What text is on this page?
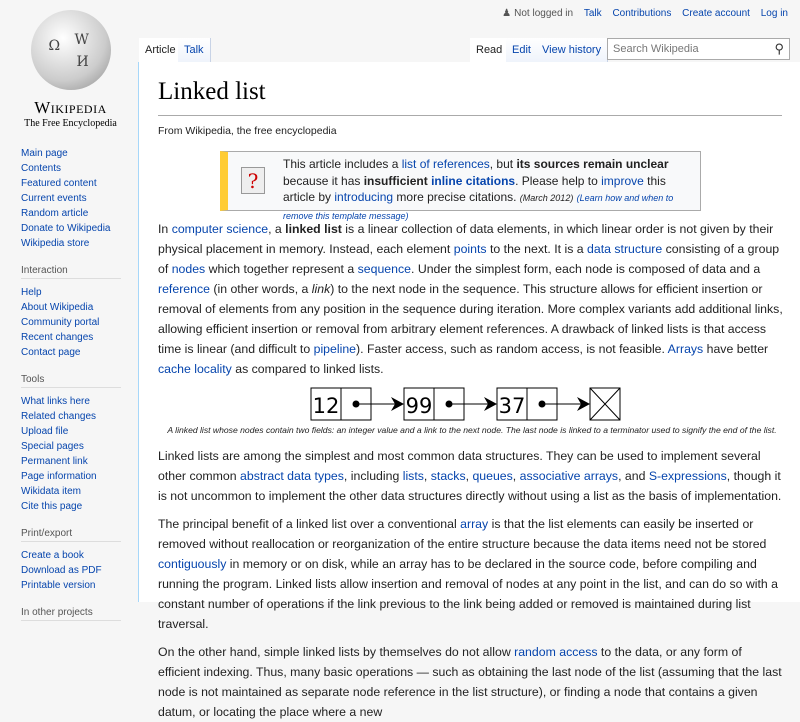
Ω W
И
Wikipedia
The Free Encyclopedia
♟ Not logged in Talk Contributions Create account Log in
Article Talk	Read Edit	View history	Search Wikipedia	⚲
Main page
Contents
Featured content
Current events
Random article
Donate to Wikipedia
Wikipedia store
Interaction
Help
About Wikipedia
Community portal
Recent changes
Contact page
Tools
What links here
Related changes
Upload file
Special pages
Permanent link
Page information
Wikidata item
Cite this page
Print/export
Create a book
Download as PDF
Printable version
In other projects
Linked list
From Wikipedia, the free encyclopedia
?
This article includes a list of references, but its sources remain unclear because it has insufficient inline citations. Please help to improve this article by introducing more precise citations. (March 2012) (Learn how and when to remove this template message)
In computer science, a linked list is a linear collection of data elements, in which linear order is not given by their physical placement in memory. Instead, each element points to the next. It is a data structure consisting of a group of nodes which together represent a sequence. Under the simplest form, each node is composed of data and a reference (in other words, a link) to the next node in the sequence. This structure allows for efficient insertion or removal of elements from any position in the sequence during iteration. More complex variants add additional links, allowing efficient insertion or removal from arbitrary element references. A drawback of linked lists is that access time is linear (and difficult to pipeline). Faster access, such as random access, is not feasible. Arrays have better cache locality as compared to linked lists.
12	99	37
A linked list whose nodes contain two fields: an integer value and a link to the next node. The last node is linked to a terminator used to signify the end of the list.
Linked lists are among the simplest and most common data structures. They can be used to implement several other common abstract data types, including lists, stacks, queues, associative arrays, and S-expressions, though it is not uncommon to implement the other data structures directly without using a list as the basis of implementation.
The principal benefit of a linked list over a conventional array is that the list elements can easily be inserted or removed without reallocation or reorganization of the entire structure because the data items need not be stored contiguously in memory or on disk, while an array has to be declared in the source code, before compiling and running the program. Linked lists allow insertion and removal of nodes at any point in the list, and can do so with a constant number of operations if the link previous to the link being added or removed is maintained during list traversal.
On the other hand, simple linked lists by themselves do not allow random access to the data, or any form of efficient indexing. Thus, many basic operations — such as obtaining the last node of the list (assuming that the last node is not maintained as separate node reference in the list structure), or finding a node that contains a given datum, or locating the place where a new
